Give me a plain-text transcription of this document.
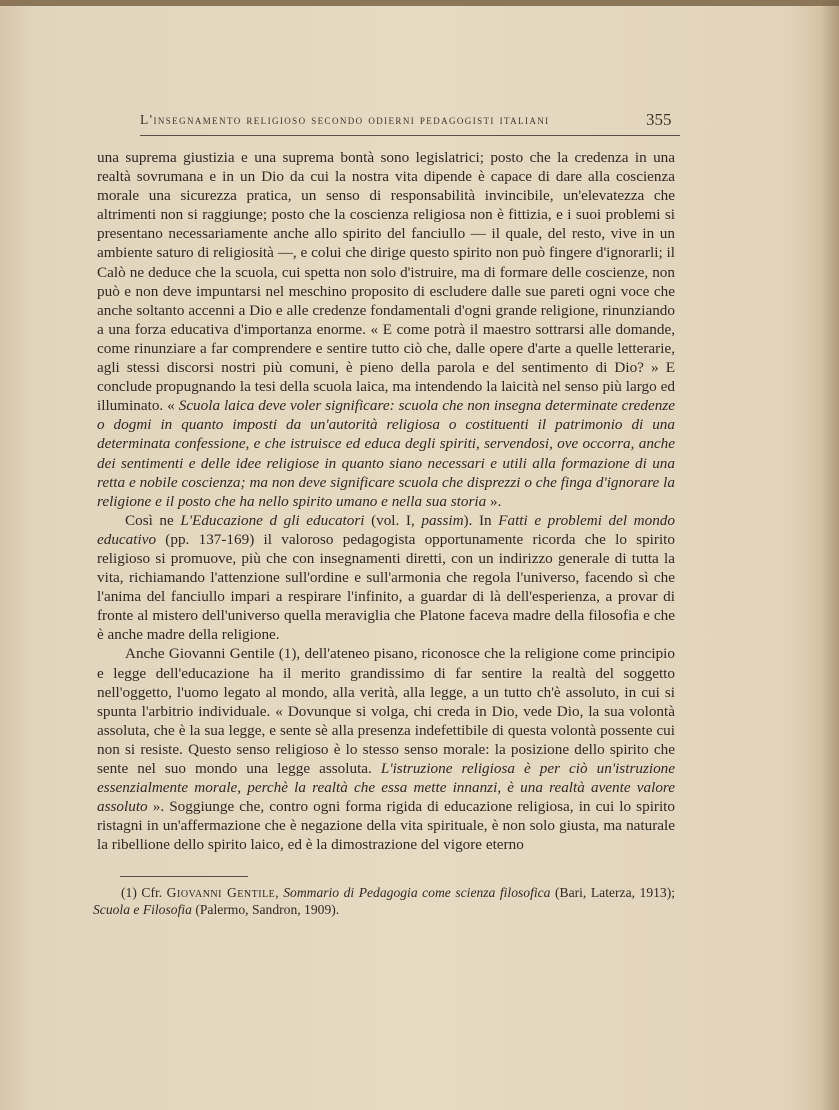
L'insegnamento religioso secondo odierni pedagogisti italiani	355

una suprema giustizia e una suprema bontà sono legislatrici; posto che la credenza in una realtà sovrumana e in un Dio da cui la nostra vita dipende è capace di dare alla coscienza morale una sicurezza pratica, un senso di responsabilità invincibile, un'elevatezza che altrimenti non si raggiunge; posto che la coscienza religiosa non è fittizia, e i suoi problemi si presentano necessariamente anche allo spirito del fanciullo — il quale, del resto, vive in un ambiente saturo di religiosità —, e colui che dirige questo spirito non può fingere d'ignorarli; il Calò ne deduce che la scuola, cui spetta non solo d'istruire, ma di formare delle coscienze, non può e non deve impuntarsi nel meschino proposito di escludere dalle sue pareti ogni voce che anche soltanto accenni a Dio e alle credenze fondamentali d'ogni grande religione, rinunziando a una forza educativa d'importanza enorme. « E come potrà il maestro sottrarsi alle domande, come rinunziare a far comprendere e sentire tutto ciò che, dalle opere d'arte a quelle letterarie, agli stessi discorsi nostri più comuni, è pieno della parola e del sentimento di Dio? » E conclude propugnando la tesi della scuola laica, ma intendendo la laicità nel senso più largo ed illuminato. « Scuola laica deve voler significare: scuola che non insegna determinate credenze o dogmi in quanto imposti da un'autorità religiosa o costituenti il patrimonio di una determinata confessione, e che istruisce ed educa degli spiriti, servendosi, ove occorra, anche dei sentimenti e delle idee religiose in quanto siano necessari e utili alla formazione di una retta e nobile coscienza; ma non deve significare scuola che disprezzi o che finga d'ignorare la religione e il posto che ha nello spirito umano e nella sua storia ».

Così ne L'Educazione d gli educatori (vol. I, passim). In Fatti e problemi del mondo educativo (pp. 137-169) il valoroso pedagogista opportunamente ricorda che lo spirito religioso si promuove, più che con insegnamenti diretti, con un indirizzo generale di tutta la vita, richiamando l'attenzione sull'ordine e sull'armonia che regola l'universo, facendo sì che l'anima del fanciullo impari a respirare l'infinito, a guardar di là dell'esperienza, a provar di fronte al mistero dell'universo quella meraviglia che Platone faceva madre della filosofia e che è anche madre della religione.

Anche Giovanni Gentile (1), dell'ateneo pisano, riconosce che la religione come principio e legge dell'educazione ha il merito grandissimo di far sentire la realtà del soggetto nell'oggetto, l'uomo legato al mondo, alla verità, alla legge, a un tutto ch'è assoluto, in cui si spunta l'arbitrio individuale. « Dovunque si volga, chi creda in Dio, vede Dio, la sua volontà assoluta, che è la sua legge, e sente sè alla presenza indefettibile di questa volontà possente cui non si resiste. Questo senso religioso è lo stesso senso morale: la posizione dello spirito che sente nel suo mondo una legge assoluta. L'istruzione religiosa è per ciò un'istruzione essenzialmente morale, perchè la realtà che essa mette innanzi, è una realtà avente valore assoluto ». Soggiunge che, contro ogni forma rigida di educazione religiosa, in cui lo spirito ristagni in un'affermazione che è negazione della vita spirituale, è non solo giusta, ma naturale la ribellione dello spirito laico, ed è la dimostrazione del vigore eterno

(1) Cfr. Giovanni Gentile, Sommario di Pedagogia come scienza filosofica (Bari, Laterza, 1913); Scuola e Filosofia (Palermo, Sandron, 1909).
